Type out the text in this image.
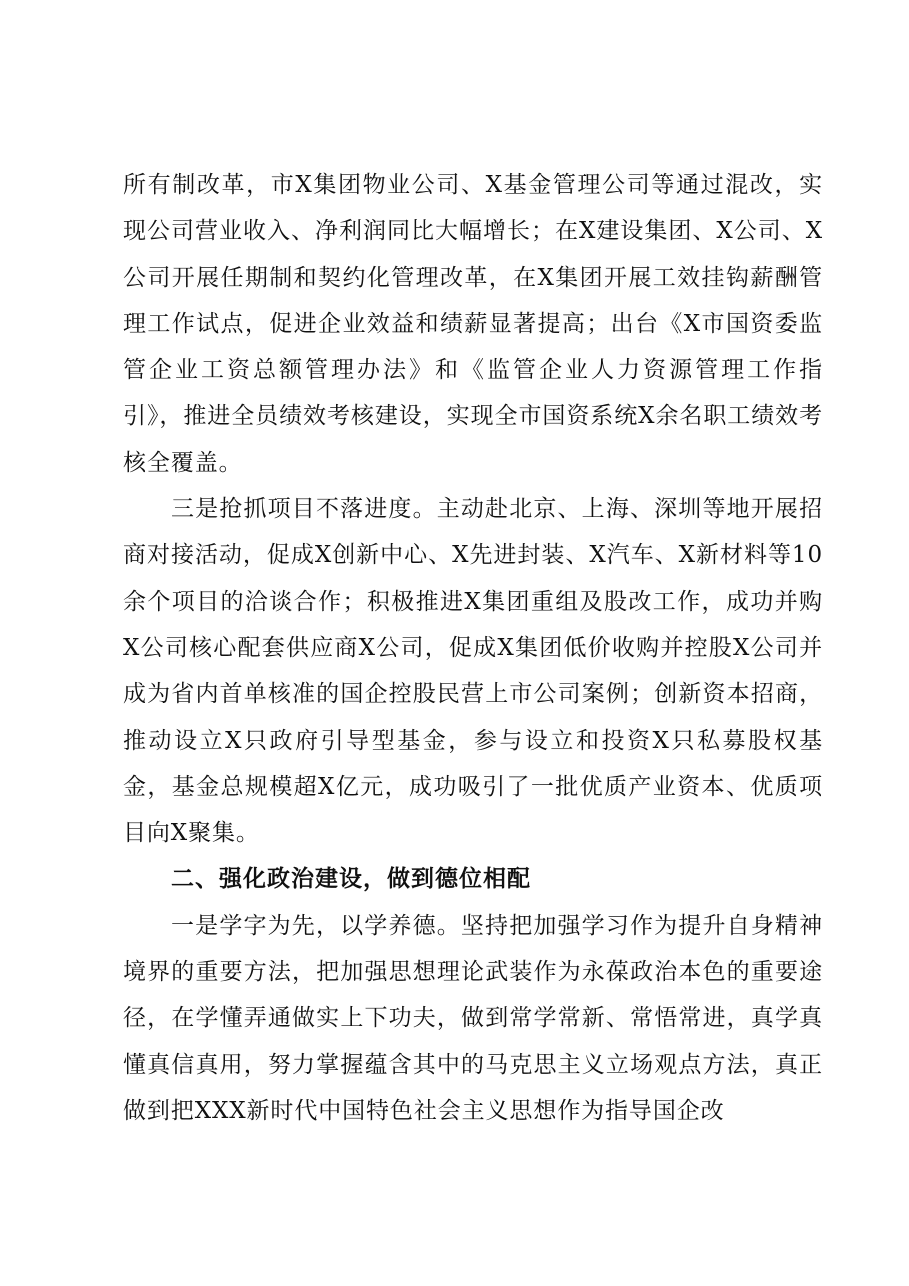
所有制改革，市X集团物业公司、X基金管理公司等通过混改，实现公司营业收入、净利润同比大幅增长；在X建设集团、X公司、X公司开展任期制和契约化管理改革，在X集团开展工效挂钩薪酬管理工作试点，促进企业效益和绩薪显著提高；出台《X市国资委监管企业工资总额管理办法》和《监管企业人力资源管理工作指引》，推进全员绩效考核建设，实现全市国资系统X余名职工绩效考核全覆盖。

三是抢抓项目不落进度。主动赴北京、上海、深圳等地开展招商对接活动，促成X创新中心、X先进封装、X汽车、X新材料等10余个项目的洽谈合作；积极推进X集团重组及股改工作，成功并购X公司核心配套供应商X公司，促成X集团低价收购并控股X公司并成为省内首单核准的国企控股民营上市公司案例；创新资本招商，推动设立X只政府引导型基金，参与设立和投资X只私募股权基金，基金总规模超X亿元，成功吸引了一批优质产业资本、优质项目向X聚集。

二、强化政治建设，做到德位相配

一是学字为先，以学养德。坚持把加强学习作为提升自身精神境界的重要方法，把加强思想理论武装作为永葆政治本色的重要途径，在学懂弄通做实上下功夫，做到常学常新、常悟常进，真学真懂真信真用，努力掌握蕴含其中的马克思主义立场观点方法，真正做到把XXX新时代中国特色社会主义思想作为指导国企改
